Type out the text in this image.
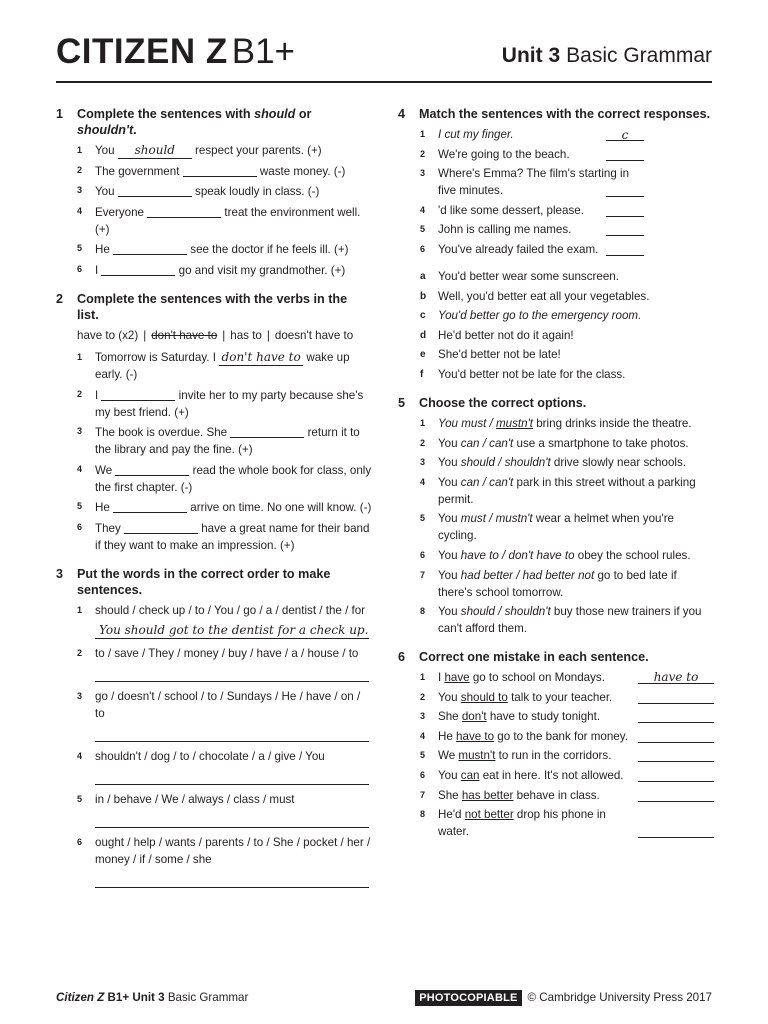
CITIZEN Z B1+	Unit 3 Basic Grammar
1 Complete the sentences with should or shouldn't.
1 You should respect your parents. (+)
2 The government	waste money. (-)
3 You	speak loudly in class. (-)
4 Everyone	treat the environment well. (+)
5 He	see the doctor if he feels ill. (+)
6 I	go and visit my grandmother. (+)
2 Complete the sentences with the verbs in the list.
have to (x2) | don't have to | has to | doesn't have to
1 Tomorrow is Saturday. I don't have to wake up early. (-)
2 I	invite her to my party because she's my best friend. (+)
3 The book is overdue. She	return it to the library and pay the fine. (+)
4 We	read the whole book for class, only the first chapter. (-)
5 He	arrive on time. No one will know. (-)
6 They	have a great name for their band if they want to make an impression. (+)
3 Put the words in the correct order to make sentences.
1 should / check up / to / You / go / a / dentist / the / for
You should got to the dentist for a check up.
2 to / save / They / money / buy / have / a / house / to
3 go / doesn't / school / to / Sundays / He / have / on / to
4 shouldn't / dog / to / chocolate / a / give / You
5 in / behave / We / always / class / must
6 ought / help / wants / parents / to / She / pocket / her / money / if / some / she
4 Match the sentences with the correct responses.
1 I cut my finger.	c
2 We're going to the beach.
3 Where's Emma? The film's starting in five minutes.
4 'd like some dessert, please.
5 John is calling me names.
6 You've already failed the exam.
a You'd better wear some sunscreen.
b Well, you'd better eat all your vegetables.
c You'd better go to the emergency room.
d He'd better not do it again!
e She'd better not be late!
f You'd better not be late for the class.
5 Choose the correct options.
1 You must / mustn't bring drinks inside the theatre.
2 You can / can't use a smartphone to take photos.
3 You should / shouldn't drive slowly near schools.
4 You can / can't park in this street without a parking permit.
5 You must / mustn't wear a helmet when you're cycling.
6 You have to / don't have to obey the school rules.
7 You had better / had better not go to bed late if there's school tomorrow.
8 You should / shouldn't buy those new trainers if you can't afford them.
6 Correct one mistake in each sentence.
1 I have go to school on Mondays.	have to
2 You should to talk to your teacher.
3 She don't have to study tonight.
4 He have to go to the bank for money.
5 We mustn't to run in the corridors.
6 You can eat in here. It's not allowed.
7 She has better behave in class.
8 He'd not better drop his phone in water.
Citizen Z B1+ Unit 3 Basic Grammar	PHOTOCOPIABLE © Cambridge University Press 2017
